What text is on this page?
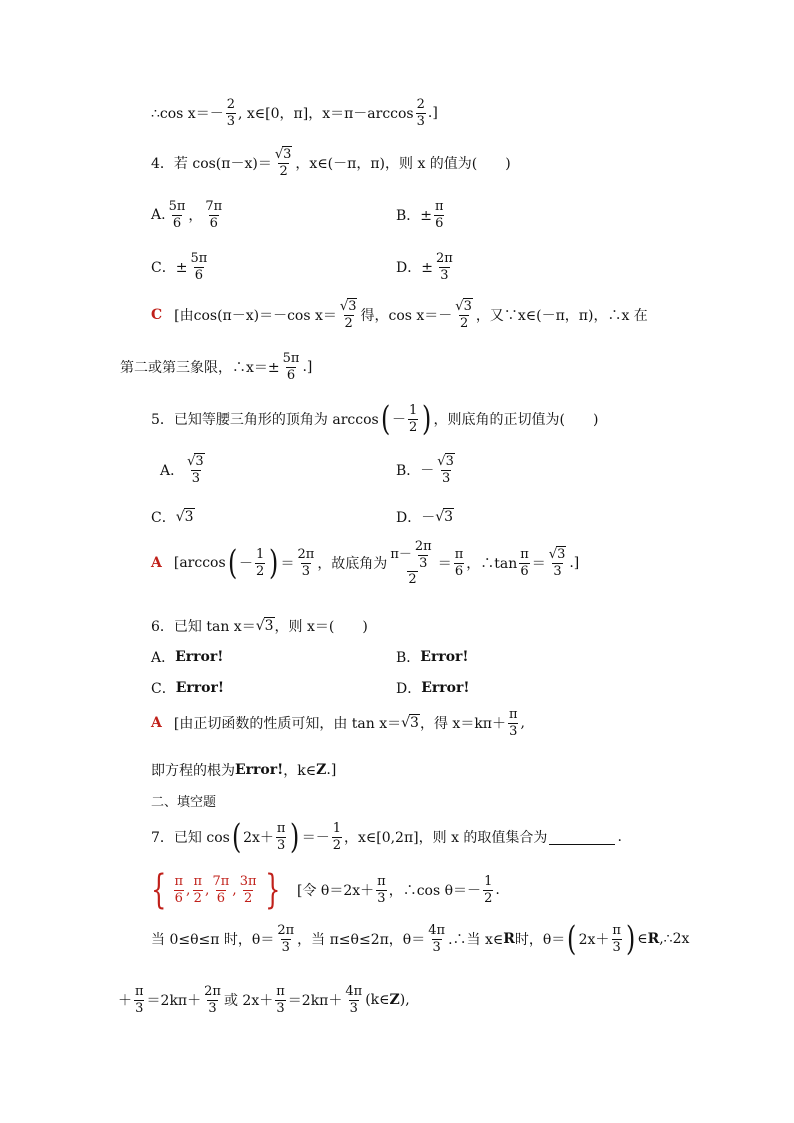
∴cos $x=- \frac{2}{3}$ , x∈[0，π]，$x=\pi-\arccos \frac{2}{3}$ .]
4．若 $\cos(\pi-x)= \frac{√3}{2}$ ，x∈(－π，π)，则 x 的值为(　　)
A. $\frac{5\pi}{6}$ ， $\frac{7\pi}{6}$	B．± $\frac{\pi}{6}$
C．± $\frac{5\pi}{6}$	D．± $\frac{2\pi}{3}$
C [由cos(π－x)＝－cos $x= \frac{√3}{2}$ 得，$\cos x=- \frac{√3}{2}$ ，又∵x∈(－π，π)，∴x 在
第二或第三象限，∴x＝± $\frac{5\pi}{6}$ .]
5．已知等腰三角形的顶角为 arccos ( － $\frac{1}{2}$ ) ，则底角的正切值为(　　)
A． $\frac{√3}{3}$	B．－ $\frac{√3}{3}$
C． √ 3	D．－ √ 3
A [arccos ( － $\frac{1}{2}$ ) ＝ $\frac{2\pi}{3}$ ，故底角为 $\frac{\pi- \frac{2\pi}{3}}{2} = \frac{\pi}{6}$ ，∴tan $\frac{\pi}{6} = \frac{√3}{3}$ .]
6．已知 tan x＝ √ 3 ，则 x＝(　　)
A． Error!	B． Error!
C． Error!	D． Error!
A [由正切函数的性质可知，由 tan x＝ √ 3 ，得 $x=k\pi+ \frac{\pi}{3}$ ,
即方程的根为 Error! ，k∈ Z .]
二、填空题
7．已知 cos ( $2x+ \frac{\pi}{3}$ ) ＝－ $\frac{1}{2}$ ，x∈[0,2π]，则 x 的取值集合为	.
{ $\frac{\pi}{6}$ , $\frac{\pi}{2}$ , $\frac{7\pi}{6}$ , $\frac{3\pi}{2}$ } [令 $\theta=2x+ \frac{\pi}{3}$ ，∴cos $\theta=- \frac{1}{2}$ .
当 0≤θ≤π 时，$\theta= \frac{2\pi}{3}$ ，当 π≤θ≤2π，$\theta= \frac{4\pi}{3}$ .∴当 x∈ R 时，θ＝ ( $2x+ \frac{\pi}{3}$ ) ∈ R ,∴2x
＋ $\frac{\pi}{3} =2k\pi+ \frac{2\pi}{3}$ 或 $2x+ \frac{\pi}{3} =2k\pi+ \frac{4\pi}{3}$ (k∈ Z ),
